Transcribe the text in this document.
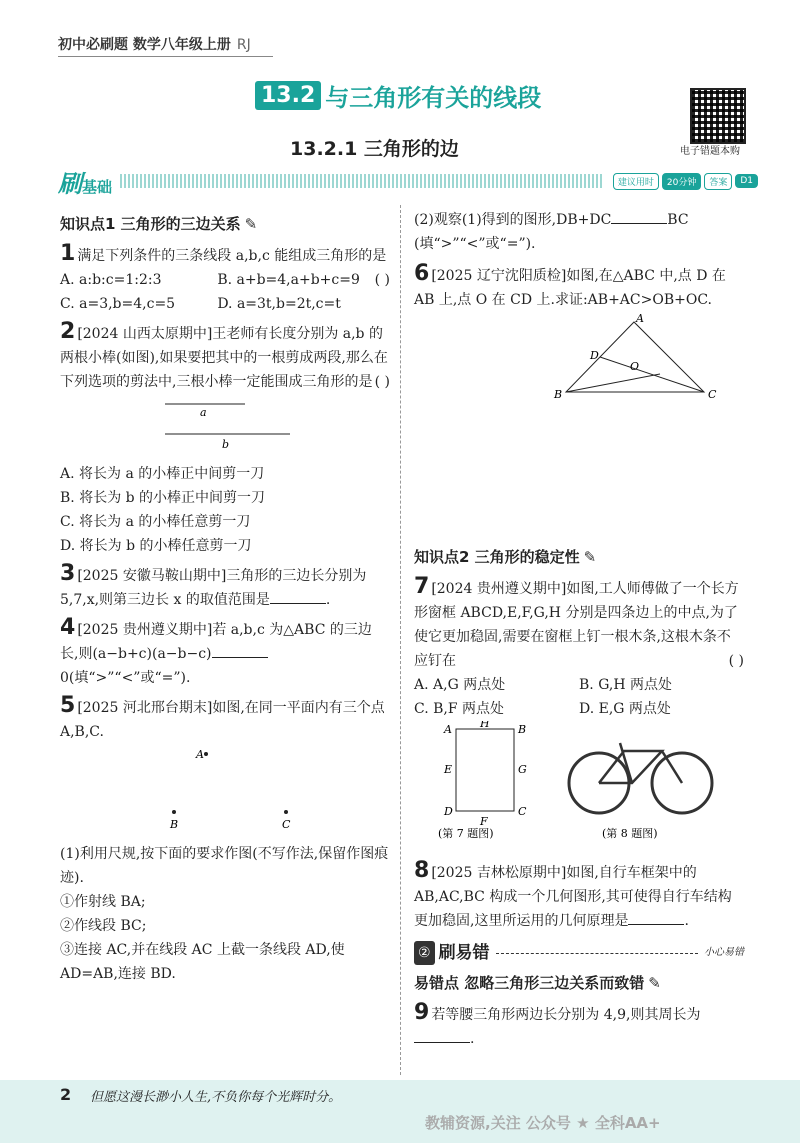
初中必刷题 数学八年级上册 RJ
13.2 与三角形有关的线段
电子错题本购
13.2.1 三角形的边
刷基础	建议用时	20分钟	答案	D1
知识点1 三角形的三边关系 ✎
1 满足下列条件的三条线段 a,b,c 能组成三角形的是
( )
A. a:b:c=1:2:3	B. a+b=4,a+b+c=9
C. a=3,b=4,c=5	D. a=3t,b=2t,c=t
2 [2024 山西太原期中]王老师有长度分别为 a,b 的两根小棒(如图),如果要把其中的一根剪成两段,那么在下列选项的剪法中,三根小棒一定能围成三角形的是 ( )
a
b
A. 将长为 a 的小棒正中间剪一刀
B. 将长为 b 的小棒正中间剪一刀
C. 将长为 a 的小棒任意剪一刀
D. 将长为 b 的小棒任意剪一刀
3 [2025 安徽马鞍山期中]三角形的三边长分别为 5,7,x,则第三边长 x 的取值范围是	.
4 [2025 贵州遵义期中]若 a,b,c 为△ABC 的三边长,则(a−b+c)(a−b−c)0(填“>”“<”或“=”).
5 [2025 河北邢台期末]如图,在同一平面内有三个点 A,B,C.
A
B	C
(1)利用尺规,按下面的要求作图(不写作法,保留作图痕迹).
①作射线 BA;
②作线段 BC;
③连接 AC,并在线段 AC 上截一条线段 AD,使 AD=AB,连接 BD.
(2)观察(1)得到的图形,DB+DC	BC (填“>”“<”或“=”).
6 [2025 辽宁沈阳质检]如图,在△ABC 中,点 D 在 AB 上,点 O 在 CD 上.求证:AB+AC>OB+OC.
A
B	C
D
O
知识点2 三角形的稳定性 ✎
7 [2024 贵州遵义期中]如图,工人师傅做了一个长方形窗框 ABCD,E,F,G,H 分别是四条边上的中点,为了使它更加稳固,需要在窗框上钉一根木条,这根木条不应钉在	( )
A. A,G 两点处	B. G,H 两点处
C. B,F 两点处	D. E,G 两点处
A	B
C
D
E
F
G
H
(第 7 题图)	(第 8 题图)
8 [2025 吉林松原期中]如图,自行车框架中的 AB,AC,BC 构成一个几何图形,其可使得自行车结构更加稳固,这里所运用的几何原理是	.
② 刷易错	小心易错
易错点 忽略三角形三边关系而致错 ✎
9 若等腰三角形两边长分别为 4,9,则其周长为.
2 但愿这漫长渺小人生,不负你每个光辉时分。
教辅资源,关注 公众号 ★ 全科AA+
